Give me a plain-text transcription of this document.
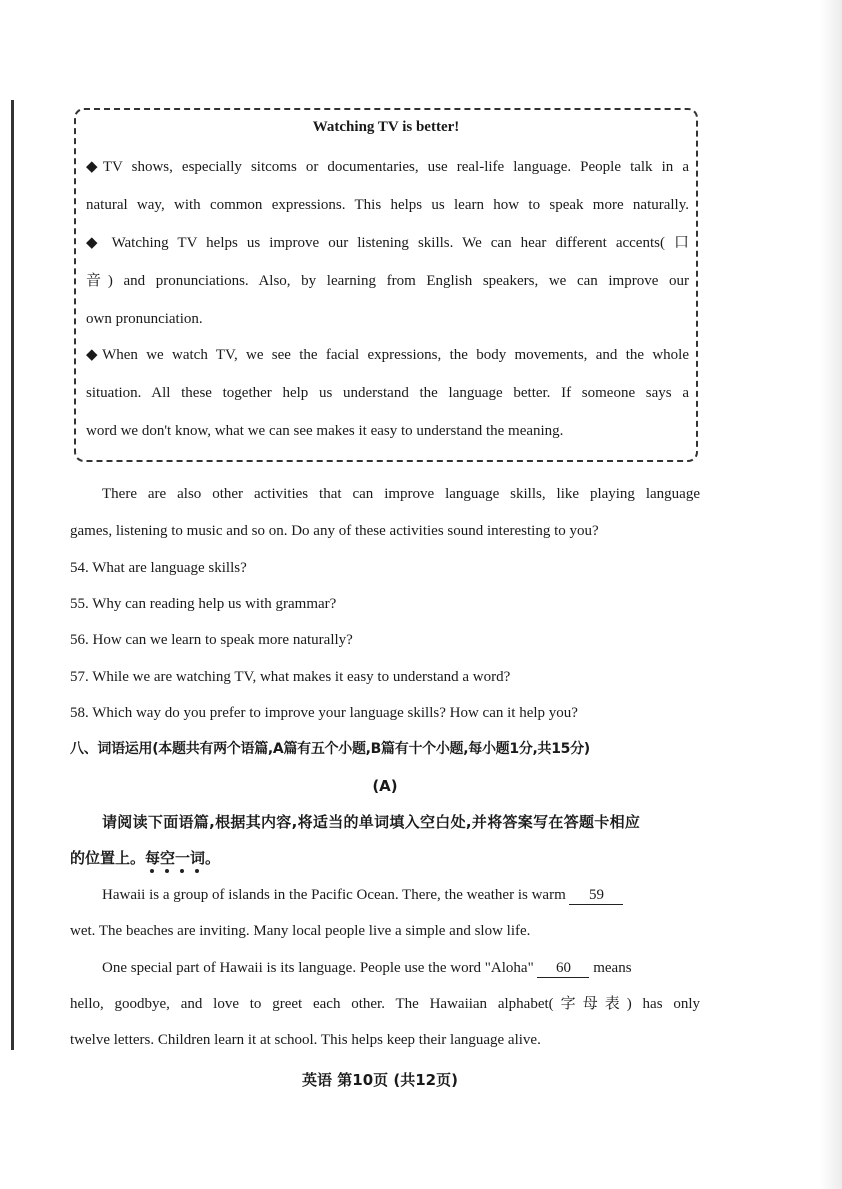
Watching TV is better!
◆TV shows, especially sitcoms or documentaries, use real-life language. People talk in a
natural way, with common expressions. This helps us learn how to speak more naturally.
◆ Watching TV helps us improve our listening skills. We can hear different accents( 口
音) and pronunciations. Also, by learning from English speakers, we can improve our
own pronunciation.
◆When we watch TV, we see the facial expressions, the body movements, and the whole
situation. All these together help us understand the language better. If someone says a
word we don't know, what we can see makes it easy to understand the meaning.
There are also other activities that can improve language skills, like playing language
games, listening to music and so on. Do any of these activities sound interesting to you?
54. What are language skills?
55. Why can reading help us with grammar?
56. How can we learn to speak more naturally?
57. While we are watching TV, what makes it easy to understand a word?
58. Which way do you prefer to improve your language skills? How can it help you?
八、词语运用(本题共有两个语篇,A篇有五个小题,B篇有十个小题,每小题1分,共15分)
(A)
请阅读下面语篇,根据其内容,将适当的单词填入空白处,并将答案写在答题卡相应
的位置上。每空一词
。
Hawaii is a group of islands in the Pacific Ocean. There, the weather is warm 59
wet. The beaches are inviting. Many local people live a simple and slow life.
One special part of Hawaii is its language. People use the word "Aloha" 60 means
hello, goodbye, and love to greet each other. The Hawaiian alphabet(字母表) has only
twelve letters. Children learn it at school. This helps keep their language alive.
英语 第10页 (共12页)
